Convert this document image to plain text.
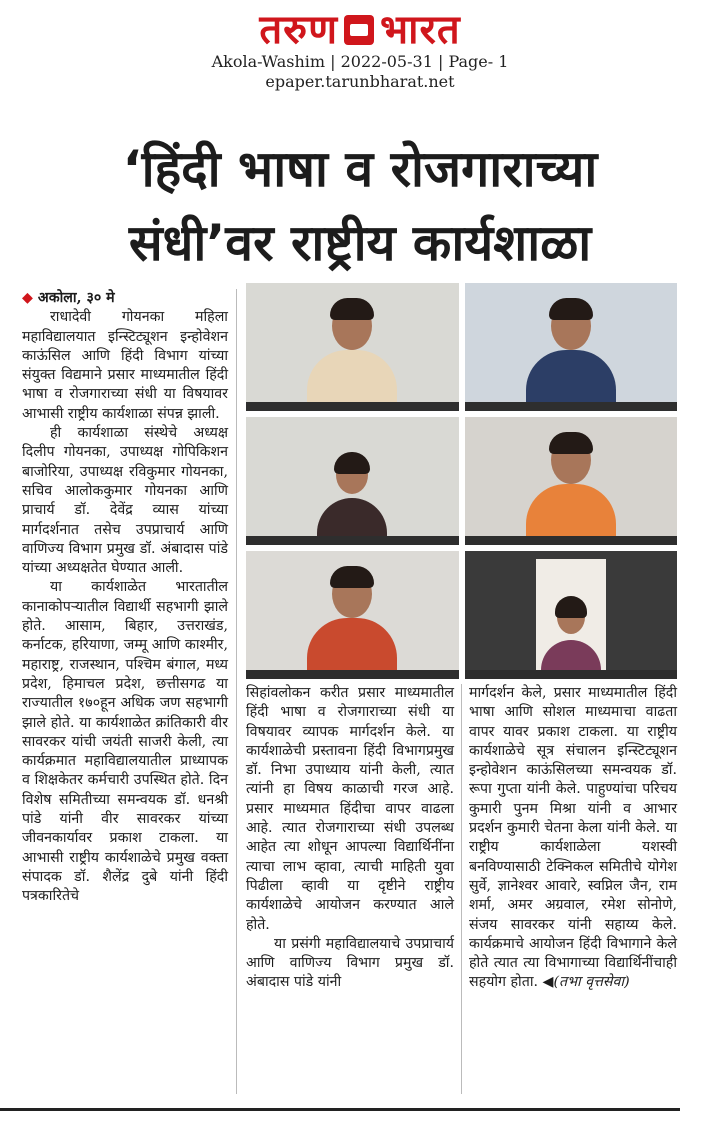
तरुण भारत
Akola-Washim | 2022-05-31 | Page- 1
epaper.tarunbharat.net
‘हिंदी भाषा व रोजगाराच्या
संधी’वर राष्ट्रीय कार्यशाळा

◆ अकोला, ३० मे

राधादेवी गोयनका महिला महाविद्यालयात इन्स्टिट्यूशन इन्होवेशन काऊंसिल आणि हिंदी विभाग यांच्या संयुक्त विद्यमाने प्रसार माध्यमातील हिंदी भाषा व रोजगाराच्या संधी या विषयावर आभासी राष्ट्रीय कार्यशाळा संपन्न झाली.

ही कार्यशाळा संस्थेचे अध्यक्ष दिलीप गोयनका, उपाध्यक्ष गोपिकिशन बाजोरिया, उपाध्यक्ष रविकुमार गोयनका, सचिव आलोककुमार गोयनका आणि प्राचार्य डॉ. देवेंद्र व्यास यांच्या मार्गदर्शनात तसेच उपप्राचार्य आणि वाणिज्य विभाग प्रमुख डॉ. अंबादास पांडे यांच्या अध्यक्षतेत घेण्यात आली.

या कार्यशाळेत भारतातील कानाकोपऱ्यातील विद्यार्थी सहभागी झाले होते. आसाम, बिहार, उत्तराखंड, कर्नाटक, हरियाणा, जम्मू आणि काश्मीर, महाराष्ट्र, राजस्थान, पश्चिम बंगाल, मध्य प्रदेश, हिमाचल प्रदेश, छत्तीसगढ या राज्यातील १७०हून अधिक जण सहभागी झाले होते. या कार्यशाळेत क्रांतिकारी वीर सावरकर यांची जयंती साजरी केली, त्या कार्यक्रमात महाविद्यालयातील प्राध्यापक व शिक्षकेतर कर्मचारी उपस्थित होते. दिन विशेष समितीच्या समन्वयक डॉ. धनश्री पांडे यांनी वीर सावरकर यांच्या जीवनकार्यावर प्रकाश टाकला. या आभासी राष्ट्रीय कार्यशाळेचे प्रमुख वक्ता संपादक डॉ. शैलेंद्र दुबे यांनी हिंदी पत्रकारितेचे

सिहांवलोकन करीत प्रसार माध्यमातील हिंदी भाषा व रोजगाराच्या संधी या विषयावर व्यापक मार्गदर्शन केले. या कार्यशाळेची प्रस्तावना हिंदी विभागप्रमुख डॉ. निभा उपाध्याय यांनी केली, त्यात त्यांनी हा विषय काळाची गरज आहे. प्रसार माध्यमात हिंदीचा वापर वाढला आहे. त्यात रोजगाराच्या संधी उपलब्ध आहेत त्या शोधून आपल्या विद्यार्थिनींना त्याचा लाभ व्हावा, त्याची माहिती युवा पिढीला व्हावी या दृष्टीने राष्ट्रीय कार्यशाळेचे आयोजन करण्यात आले होते.

या प्रसंगी महाविद्यालयाचे उपप्राचार्य आणि वाणिज्य विभाग प्रमुख डॉ. अंबादास पांडे यांनी

मार्गदर्शन केले, प्रसार माध्यमातील हिंदी भाषा आणि सोशल माध्यमाचा वाढता वापर यावर प्रकाश टाकला. या राष्ट्रीय कार्यशाळेचे सूत्र संचालन इन्स्टिट्यूशन इन्होवेशन काऊंसिलच्या समन्वयक डॉ. रूपा गुप्ता यांनी केले. पाहुण्यांचा परिचय कुमारी पुनम मिश्रा यांनी व आभार प्रदर्शन कुमारी चेतना केला यांनी केले. या राष्ट्रीय कार्यशाळेला यशस्वी बनविण्यासाठी टेक्निकल समितीचे योगेश सुर्वे, ज्ञानेश्वर आवारे, स्वप्निल जैन, राम शर्मा, अमर अग्रवाल, रमेश सोनोणे, संजय सावरकर यांनी सहाय्य केले. कार्यक्रमाचे आयोजन हिंदी विभागाने केले होते त्यात त्या विभागाच्या विद्यार्थिनींचाही सहयोग होता. ◀(तभा वृत्तसेवा)
